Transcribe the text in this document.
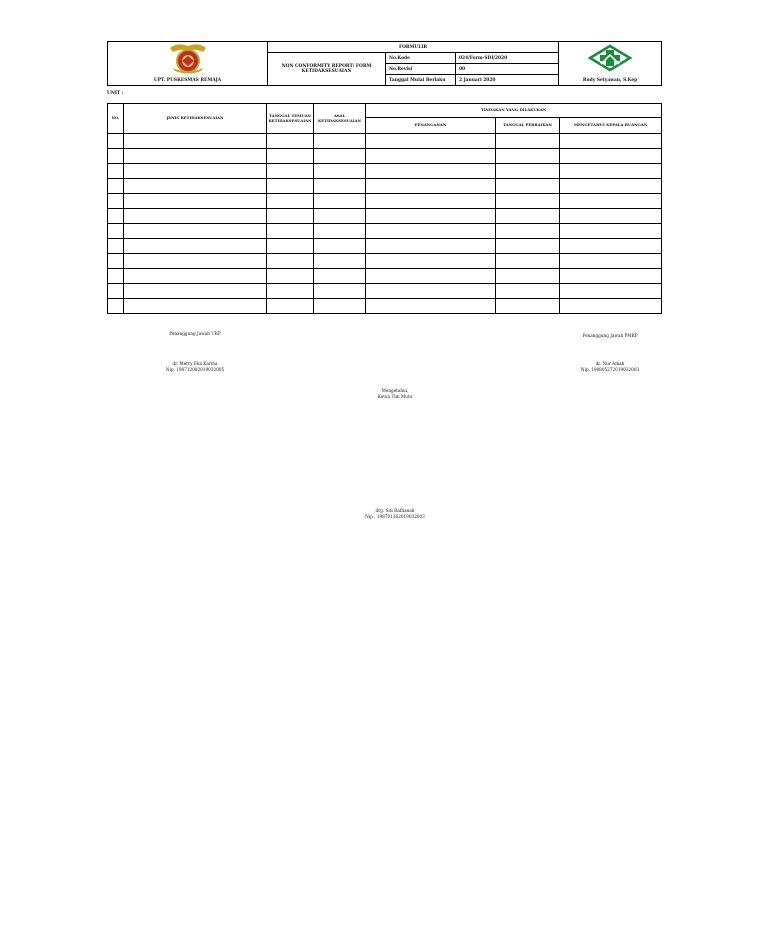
UPT. PUSKESMAS REMAJA	FORMULIR			Rudy Setyawan, S.Kep
	NON CONFORMITY REPORT/ FORM KETIDAKSESUAIAN	No.Kode	024/Form-SDI/2020	
		No.Revisi	00	
		Tanggal Mulai Berlaku	2 Januari 2020	
UNIT :
NO.	JENIS KETIDAKSESUAIAN	TANGGAL TEMUAN KETIDAKSESUAIAN	ASAL KETIDAKSESUAIAN	TINDAKAN YANG DILAKUKAN		
				PENANGANAN	TANGGAL PERBAIKAN	MENGETAHUI KEPALA RUANGAN

Penanggung Jawab UKP
dr. Merry Eka Karina
Nip. 198712082019032005
Penanggung Jawab PMKP
dr. Nur Amah
Nip. 198805272019032003
Mengetahui,
Ketua Tim Mutu
drg. Siti Rafhanah
Nip . 198701262019032003
